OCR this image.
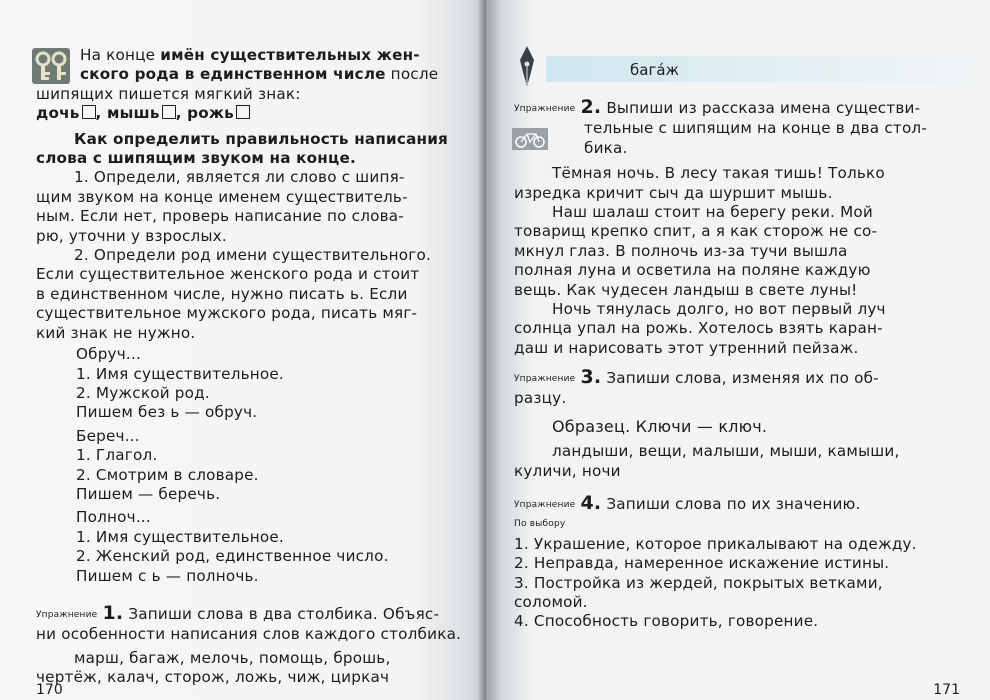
На конце имён существительных жен-
ского рода в единственном числе после
шипящих пишется мягкий знак:
дочь , мышь , рожь
Как определить правильность написания
слова с шипящим звуком на конце.
1. Определи, является ли слово с шипя-
щим звуком на конце именем существитель-
ным. Если нет, проверь написание по слова-
рю, уточни у взрослых.
2. Определи род имени существительного.
Если существительное женского рода и стоит
в единственном числе, нужно писать ь. Если
существительное мужского рода, писать мяг-
кий знак не нужно.
Обруч...
1. Имя существительное.
2. Мужской род.
Пишем без ь — обруч.
Береч...
1. Глагол.
2. Смотрим в словаре.
Пишем — беречь.
Полноч...
1. Имя существительное.
2. Женский род, единственное число.
Пишем с ь — полночь.
Упражнение 1. Запиши слова в два столбика. Объяс-
ни особенности написания слов каждого столбика.
марш, багаж, мелочь, помощь, брошь,
чертёж, калач, сторож, ложь, чиж, циркач
170
бага́ж
Упражнение 2. Выпиши из рассказа имена существи-
тельные с шипящим на конце в два стол-
бика.
Тёмная ночь. В лесу такая тишь! Только
изредка кричит сыч да шуршит мышь.
Наш шалаш стоит на берегу реки. Мой
товарищ крепко спит, а я как сторож не со-
мкнул глаз. В полночь из-за тучи вышла
полная луна и осветила на поляне каждую
вещь. Как чудесен ландыш в свете луны!
Ночь тянулась долго, но вот первый луч
солнца упал на рожь. Хотелось взять каран-
даш и нарисовать этот утренний пейзаж.
Упражнение 3. Запиши слова, изменяя их по об-
разцу.
Образец. Ключи — ключ.
ландыши, вещи, малыши, мыши, камыши,
куличи, ночи
Упражнение 4. Запиши слова по их значению.
По выбору
1. Украшение, которое прикалывают на одежду.
2. Неправда, намеренное искажение истины.
3. Постройка из жердей, покрытых ветками,
соломой.
4. Способность говорить, говорение.
171
